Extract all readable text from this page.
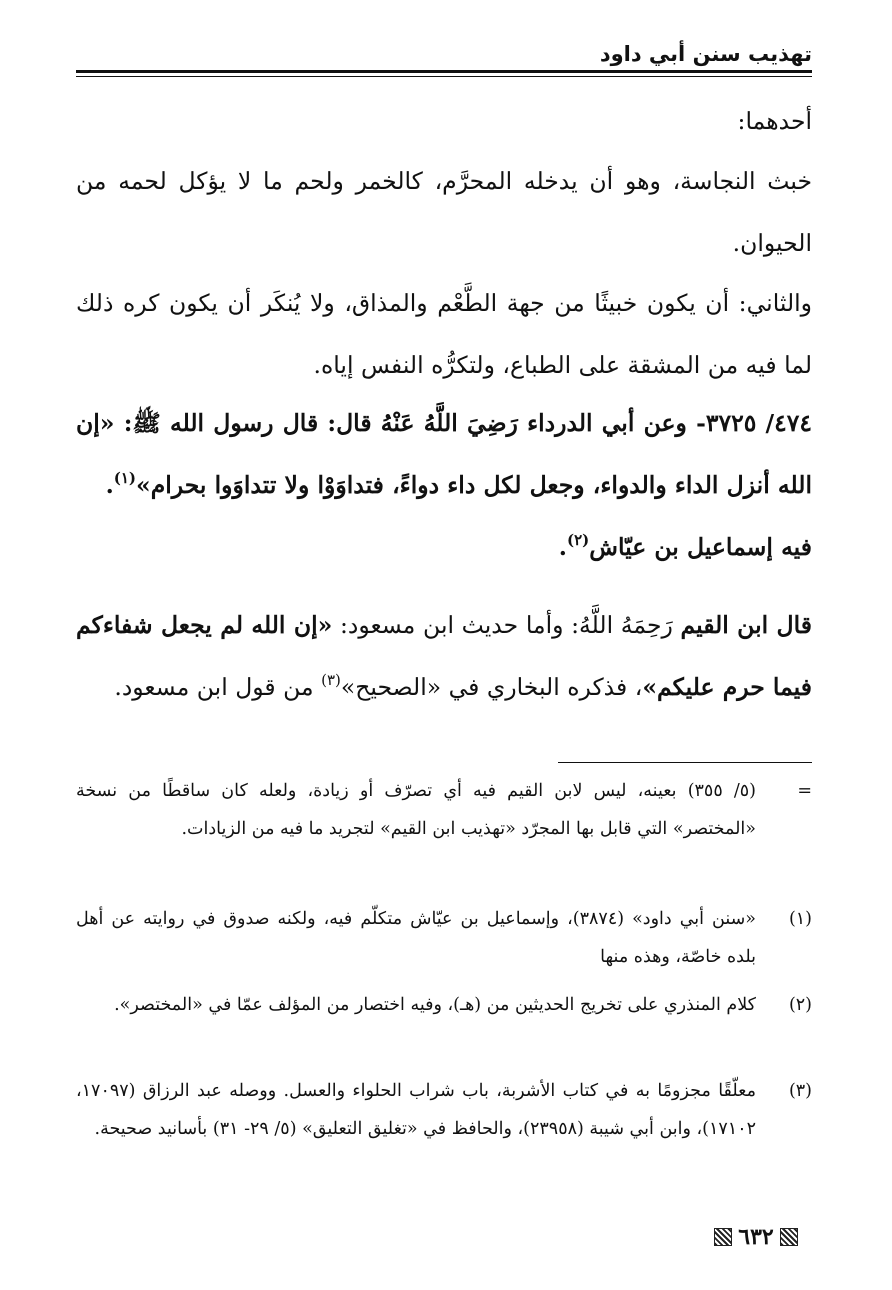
تهذيب سنن أبي داود
أحدهما:
خبث النجاسة، وهو أن يدخله المحرَّم، كالخمر ولحم ما لا يؤكل لحمه من الحيوان.
والثاني: أن يكون خبيثًا من جهة الطَّعْم والمذاق، ولا يُنكَر أن يكون كره ذلك لما فيه من المشقة على الطباع، ولتكرُّه النفس إياه.
٤٧٤/ ٣٧٢٥- وعن أبي الدرداء رَضِيَ اللَّهُ عَنْهُ قال: قال رسول الله ﷺ: «إن الله أنزل الداء والدواء، وجعل لكل داء دواءً، فتداوَوْا ولا تتداوَوا بحرام»$^{(١)}$.
فيه إسماعيل بن عيّاش$^{(٢)}$.
قال ابن القيم رَحِمَهُ اللَّهُ: وأما حديث ابن مسعود: «إن الله لم يجعل شفاءكم فيما حرم عليكم»، فذكره البخاري في «الصحيح»$^{(٣)}$ من قول ابن مسعود.
=
(٥/ ٣٥٥) بعينه، ليس لابن القيم فيه أي تصرّف أو زيادة، ولعله كان ساقطًا من نسخة «المختصر» التي قابل بها المجرّد «تهذيب ابن القيم» لتجريد ما فيه من الزيادات.
(١)
«سنن أبي داود» (٣٨٧٤)، وإسماعيل بن عيّاش متكلّم فيه، ولكنه صدوق في روايته عن أهل بلده خاصّة، وهذه منها
(٢)
كلام المنذري على تخريج الحديثين من (هـ)، وفيه اختصار من المؤلف عمّا في «المختصر».
(٣)
معلّقًا مجزومًا به في كتاب الأشربة، باب شراب الحلواء والعسل. ووصله عبد الرزاق (١٧٠٩٧، ١٧١٠٢)، وابن أبي شيبة (٢٣٩٥٨)، والحافظ في «تغليق التعليق» (٥/ ٢٩- ٣١) بأسانيد صحيحة.
٦٣٢
